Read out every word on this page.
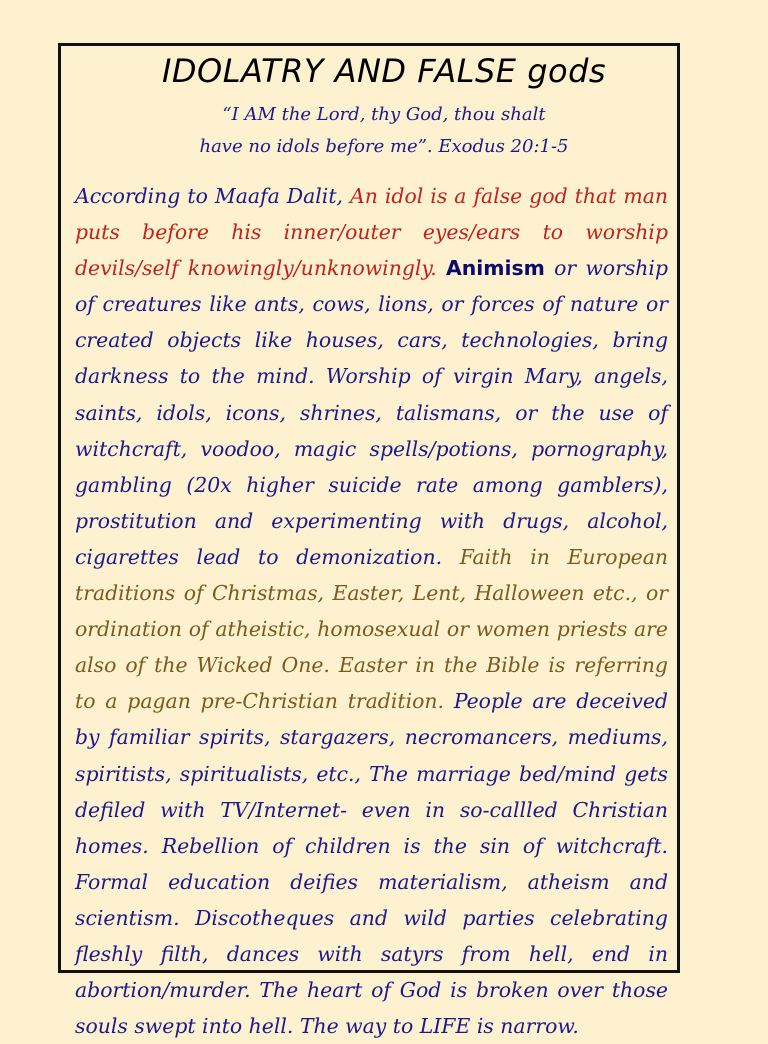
IDOLATRY AND FALSE gods
“I AM the Lord, thy God, thou shalt
have no idols before me”. Exodus 20:1-5
According to Maafa Dalit, An idol is a false god that man puts before his inner/outer eyes/ears to worship devils/self knowingly/unknowingly. Animism or worship of creatures like ants, cows, lions, or forces of nature or created objects like houses, cars, technologies, bring darkness to the mind. Worship of virgin Mary, angels, saints, idols, icons, shrines, talismans, or the use of witchcraft, voodoo, magic spells/potions, pornography, gambling (20x higher suicide rate among gamblers), prostitution and experimenting with drugs, alcohol, cigarettes lead to demonization. Faith in European traditions of Christmas, Easter, Lent, Halloween etc., or ordination of atheistic, homosexual or women priests are also of the Wicked One. Easter in the Bible is referring to a pagan pre-Christian tradition. People are deceived by familiar spirits, stargazers, necromancers, mediums, spiritists, spiritualists, etc., The marriage bed/mind gets defiled with TV/Internet- even in so-callled Christian homes. Rebellion of children is the sin of witchcraft. Formal education deifies materialism, atheism and scientism. Discotheques and wild parties celebrating fleshly filth, dances with satyrs from hell, end in abortion/murder. The heart of God is broken over those souls swept into hell. The way to LIFE is narrow.
